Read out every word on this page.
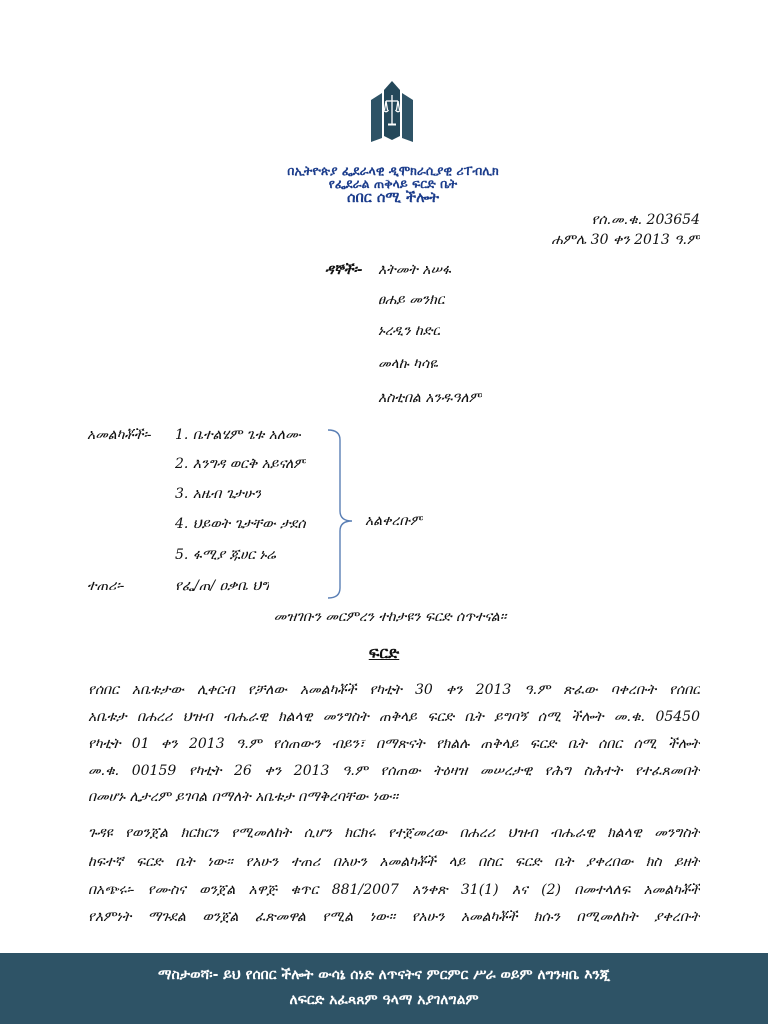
በኢትዮጵያ ፌደራላዊ ዲሞክራሲያዊ ሪፐብሊክ
የፌደራል ጠቅላይ ፍርድ ቤት
ሰበር ሰሚ ችሎት
የሰ.መ.ቁ. 203654
ሐምሌ 30 ቀን 2013 ዓ.ም
ዳኞች፡- እትመት አሠፋ
ፀሐይ መንክር
ኑረዲን ከድር
መላኩ ካሳዬ
እስቲበል አንዱዓለም
አመልካቾች፡- 1. ቤተልሄም ጌቱ አለሙ
2. እንግዳ ወርቅ አይናለም
3. አዜብ ጌታሁን
4. ህይወት ጌታቸው ታደሰ
5. ፋሚያ ጁሀር ኑሬ
አልቀረቡም
ተጠሪ፡-	የፌ/ጠ/ ዐቃቤ ህግ
መዝገቡን መርምረን ተከታዩን ፍርድ ሰጥተናል፡፡
ፍርድ
የሰበር አቤቱታው ሊቀርብ የቻለው አመልካቾች የካቲት 30 ቀን 2013 ዓ.ም ጽፈው ባቀረቡት የሰበር
አቤቱታ በሐረሪ ህዝብ ብሔራዊ ክልላዊ መንግስት ጠቅላይ ፍርድ ቤት ይግባኝ ሰሚ ችሎት መ.ቁ. 05450
የካቲት 01 ቀን 2013 ዓ.ም የሰጠውን ብይን፣ በማጽናት የክልሉ ጠቅላይ ፍርድ ቤት ሰበር ሰሚ ችሎት
መ.ቁ. 00159 የካቲት 26 ቀን 2013 ዓ.ም የሰጠው ትዕዛዝ መሠረታዊ የሕግ ስሕተት የተፈጸመበት
በመሆኑ ሊታረም ይገባል በማለት አቤቱታ በማቅረባቸው ነው፡፡
ጉዳዩ የወንጀል ክርክርን የሚመለከት ሲሆን ክርክሩ የተጀመረው በሐረሪ ህዝብ ብሔራዊ ክልላዊ መንግስት
ከፍተኛ ፍርድ ቤት ነው፡፡ የአሁን ተጠሪ በአሁን አመልካቾች ላይ በስር ፍርድ ቤት ያቀረበው ክስ ይዘት
በአጭሩ፡- የሙስና ወንጀል አዋጅ ቁጥር 881/2007 አንቀጽ 31(1) እና (2) በመተላለፍ አመልካቾች
የእምነት ማጉደል ወንጀል ፈጽመዋል የሚል ነው፡፡ የአሁን አመልካቾች ክሱን በሚመለከት ያቀረቡት
ማስታወሻ፡- ይህ የሰበር ችሎት ውሳኔ ሰነድ ለጥናትና ምርምር ሥራ ወይም ለግንዛቤ እንጂ
ለፍርድ አፈጻጸም ዓላማ አያገለግልም
